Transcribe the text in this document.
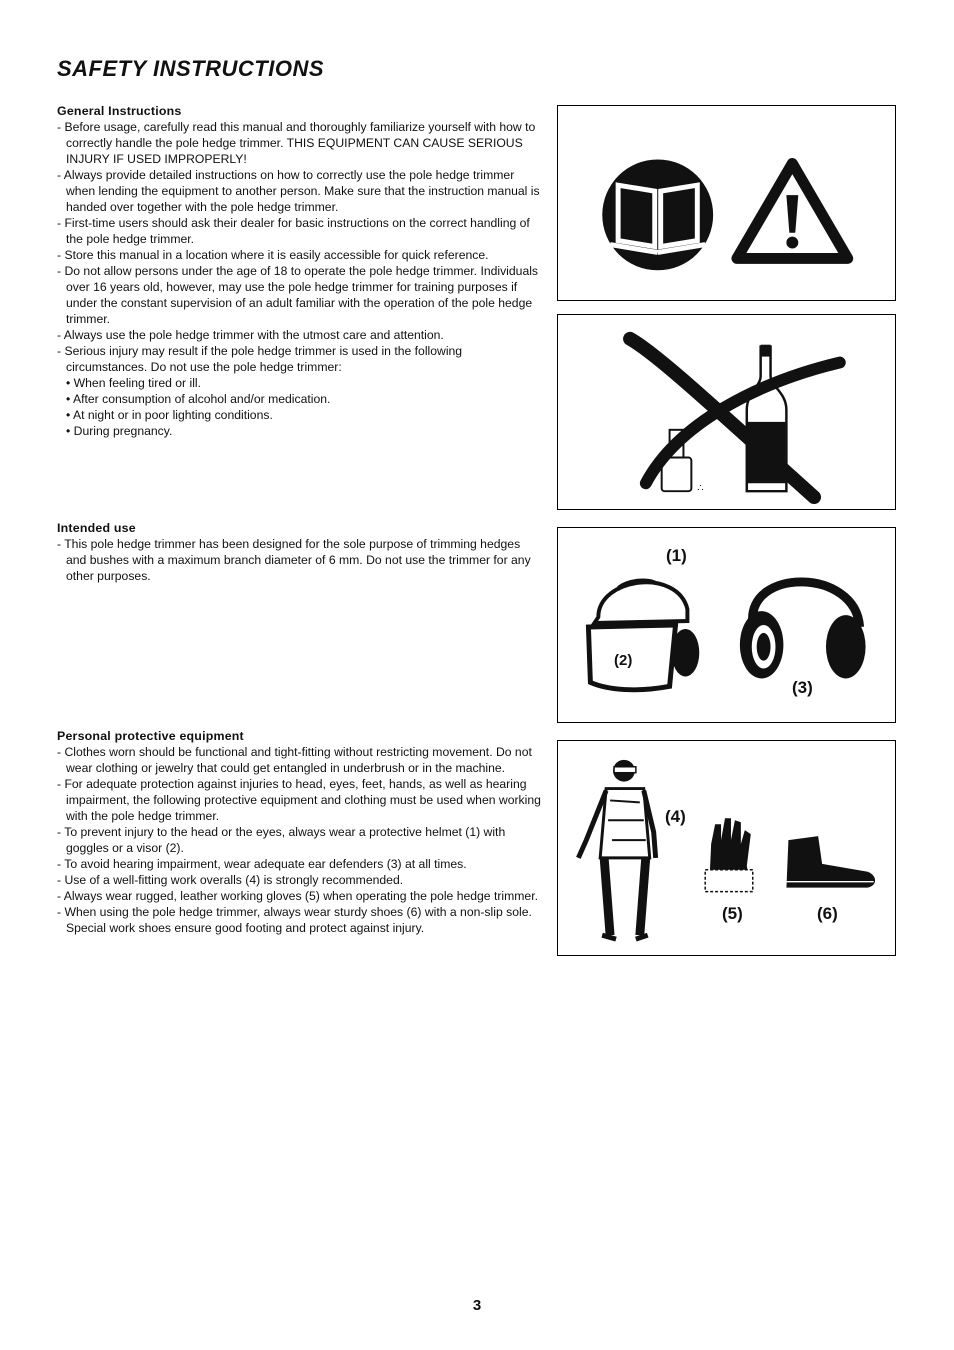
SAFETY INSTRUCTIONS
General Instructions
- Before usage, carefully read this manual and thoroughly familiarize yourself with how to correctly handle the pole hedge trimmer. THIS EQUIPMENT CAN CAUSE SERIOUS INJURY IF USED IMPROPERLY!
- Always provide detailed instructions on how to correctly use the pole hedge trimmer when lending the equipment to another person. Make sure that the instruction manual is handed over together with the pole hedge trimmer.
- First-time users should ask their dealer for basic instructions on the correct handling of the pole hedge trimmer.
- Store this manual in a location where it is easily accessible for quick reference.
- Do not allow persons under the age of 18 to operate the pole hedge trimmer. Individuals over 16 years old, however, may use the pole hedge trimmer for training purposes if under the constant supervision of an adult familiar with the operation of the pole hedge trimmer.
- Always use the pole hedge trimmer with the utmost care and attention.
- Serious injury may result if the pole hedge trimmer is used in the following circumstances. Do not use the pole hedge trimmer:
• When feeling tired or ill.
• After consumption of alcohol and/or medication.
• At night or in poor lighting conditions.
• During pregnancy.
Intended use
- This pole hedge trimmer has been designed for the sole purpose of trimming hedges and bushes with a maximum branch diameter of 6 mm. Do not use the trimmer for any other purposes.
Personal protective equipment
- Clothes worn should be functional and tight-fitting without restricting movement. Do not wear clothing or jewelry that could get entangled in underbrush or in the machine.
- For adequate protection against injuries to head, eyes, feet, hands, as well as hearing impairment, the following protective equipment and clothing must be used when working with the pole hedge trimmer.
- To prevent injury to the head or the eyes, always wear a protective helmet (1) with goggles or a visor (2).
- To avoid hearing impairment, wear adequate ear defenders (3) at all times.
- Use of a well-fitting work overalls (4) is strongly recommended.
- Always wear rugged, leather working gloves (5) when operating the pole hedge trimmer.
- When using the pole hedge trimmer, always wear sturdy shoes (6) with a non-slip sole. Special work shoes ensure good footing and protect against injury.
∴
(1)
(2)
(3)
(4)
(5)	(6)
3
